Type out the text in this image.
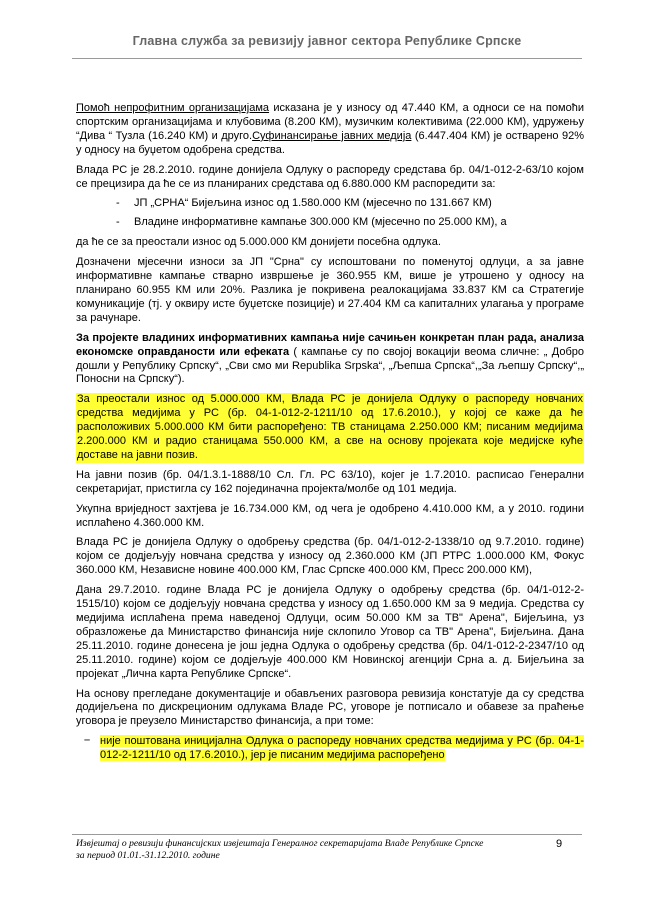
Главна служба за ревизију јавног сектора Републике Српске

Помоћ непрофитним организацијама исказана је у износу од 47.440 КМ, а односи се на помоћи спортским организацијама и клубовима (8.200 КМ), музичким колективима (22.000 КМ), удружењу “Дива “ Тузла (16.240 КМ) и друго.Суфинансирање јавних медија (6.447.404 КМ) је остварено 92% у односу на буџетом одобрена средства.

Влада РС је 28.2.2010. године донијела Одлуку о распореду средстава бр. 04/1-012-2-63/10 којом се прецизира да ће се из планираних средстава од 6.880.000 КМ распоредити за:

- ЈП „СРНА“ Бијељина износ од 1.580.000 КМ (мјесечно по 131.667 КМ)
- Владине информативне кампање 300.000 КМ (мјесечно по 25.000 КМ), а

да ће се за преостали износ од 5.000.000 КМ донијети посебна одлука.

Дозначени мјесечни износи за ЈП "Срна" су испоштовани по поменутој одлуци, а за јавне информативне кампање стварно извршење је 360.955 КМ, више је утрошено у односу на планирано 60.955 КМ или 20%. Разлика је покривена реалокацијама 33.837 КМ са Стратегије комуникације (тј. у оквиру исте буџетске позиције) и 27.404 КМ са капиталних улагања у програме за рачунаре.

За пројекте владиних информативних кампања није сачињен конкретан план рада, анализа економске оправданости или ефеката ( кампање су по својој вокацији веома сличне: „ Добро дошли у Републику Српску“, „Сви смо ми Republika Srpska“, „Љепша Српска“,„За љепшу Српску“,„ Поносни на Српску“).

За преостали износ од 5.000.000 КМ, Влада РС је донијела Одлуку о распореду новчаних средства медијима у РС (бр. 04-1-012-2-1211/10 од 17.6.2010.), у којој се каже да ће расположивих 5.000.000 КМ бити распоређено: ТВ станицама 2.250.000 КМ; писаним медијима 2.200.000 КМ и радио станицама 550.000 КМ, а све на основу пројеката које медијске куће доставе на јавни позив.

На јавни позив (бр. 04/1.3.1-1888/10 Сл. Гл. РС 63/10), којег је 1.7.2010. расписао Генерални секретаријат, пристигла су 162 појединачна пројекта/молбе од 101 медија.

Укупна вриједност захтјева је 16.734.000 КМ, од чега је одобрено 4.410.000 КМ, а у 2010. години исплаћено 4.360.000 КМ.

Влада РС је донијела Одлуку о одобрењу средства (бр. 04/1-012-2-1338/10 од 9.7.2010. године) којом се додјељују новчана средства у износу од 2.360.000 КМ (ЈП РТРС 1.000.000 КМ, Фокус 360.000 КМ, Независне новине 400.000 КМ, Глас Српске 400.000 КМ, Пресс 200.000 КМ),

Дана 29.7.2010. године Влада РС је донијела Одлуку о одобрењу средства (бр. 04/1-012-2-1515/10) којом се додјељују новчана средства у износу од 1.650.000 КМ за 9 медија. Средства су медијима исплаћена према наведеној Одлуци, осим 50.000 КМ за ТВ" Арена", Бијељина, уз образложење да Министарство финансија није склопило Уговор са ТВ" Арена", Бијељина. Дана 25.11.2010. године донесена је још једна Одлука о одобрењу средства (бр. 04/1-012-2-2347/10 од 25.11.2010. године) којом се додјељује 400.000 КМ Новинској агенцији Срна а. д. Бијељина за пројекат „Лична карта Републике Српске“.

На основу прегледане документације и обављених разговора ревизија констатује да су средства додијељена по дискреционим одлукама Владе РС, уговоре је потписало и обавезе за праћење уговора је преузело Министарство финансија, а при томе:

– није поштована иницијална Одлука о распореду новчаних средства медијима у РС (бр. 04-1-012-2-1211/10 од 17.6.2010.), јер је писаним медијима распоређено
Извјештај о ревизији финансијских извјештаја Генералног секретаријата Владе Републике Српске
за период 01.01.-31.12.2010. године
9
